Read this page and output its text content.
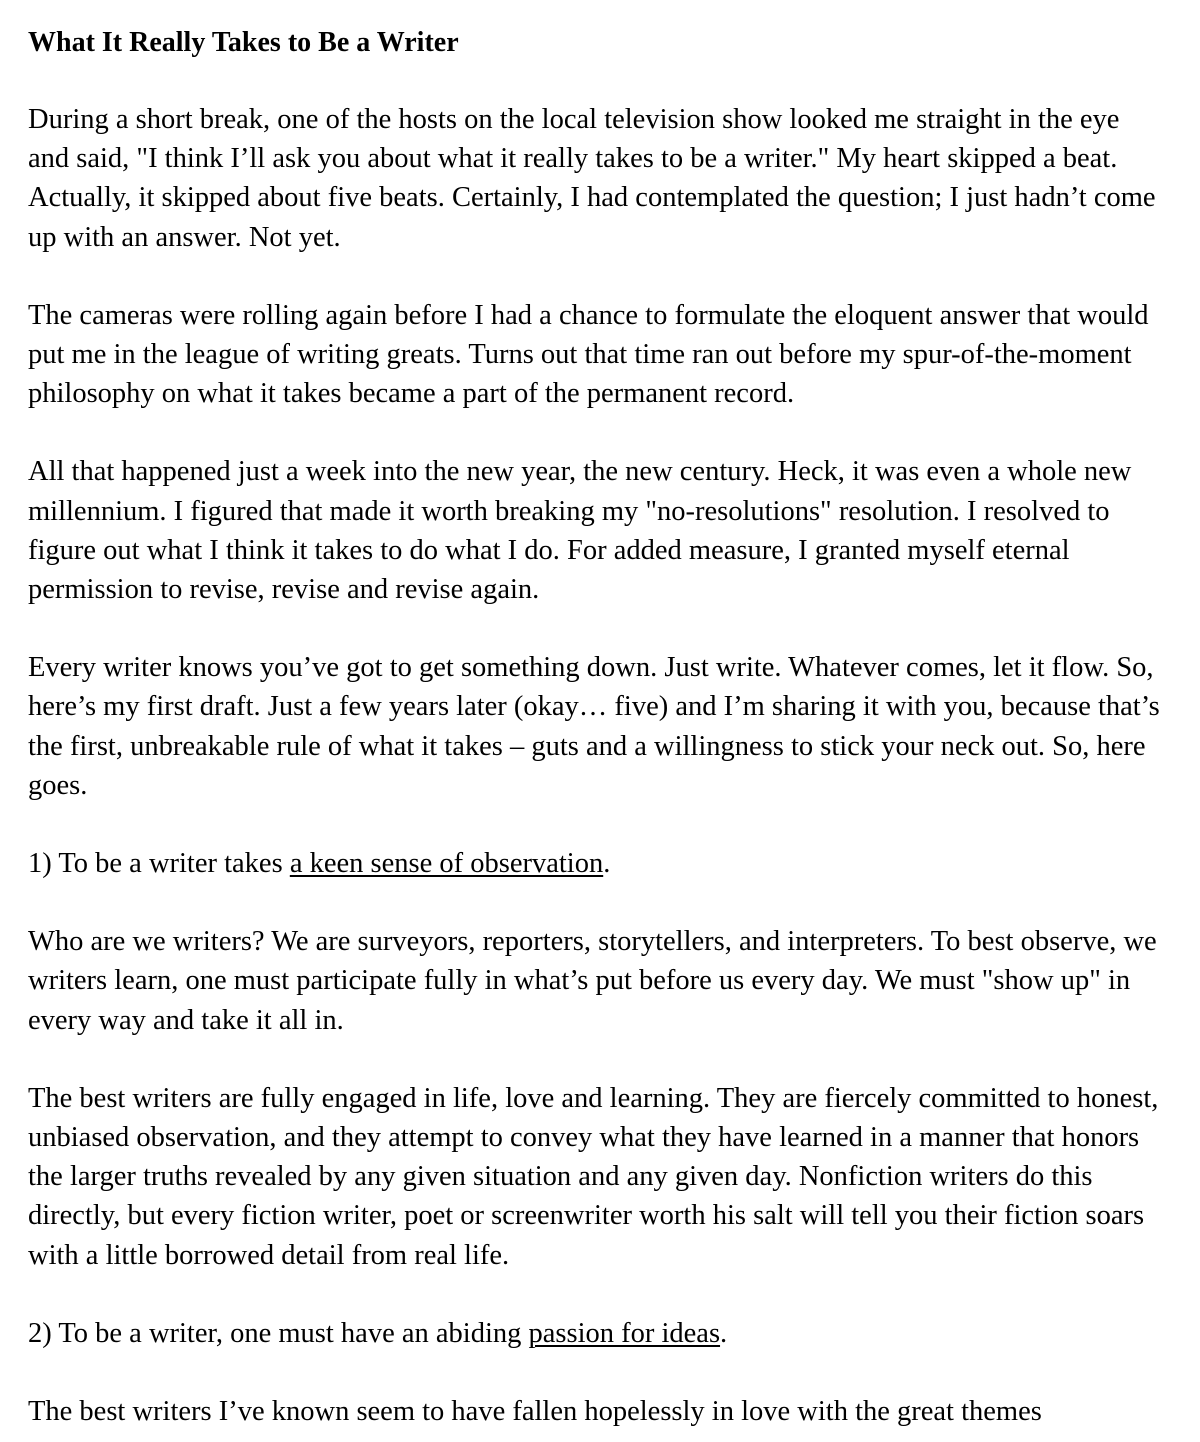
What It Really Takes to Be a Writer

During a short break, one of the hosts on the local television show looked me straight in the eye and said, "I think I’ll ask you about what it really takes to be a writer." My heart skipped a beat. Actually, it skipped about five beats. Certainly, I had contemplated the question; I just hadn’t come up with an answer. Not yet.

The cameras were rolling again before I had a chance to formulate the eloquent answer that would put me in the league of writing greats. Turns out that time ran out before my spur-of-the-moment philosophy on what it takes became a part of the permanent record.

All that happened just a week into the new year, the new century. Heck, it was even a whole new millennium. I figured that made it worth breaking my "no-resolutions" resolution. I resolved to figure out what I think it takes to do what I do. For added measure, I granted myself eternal permission to revise, revise and revise again.

Every writer knows you’ve got to get something down. Just write. Whatever comes, let it flow. So, here’s my first draft. Just a few years later (okay… five) and I’m sharing it with you, because that’s the first, unbreakable rule of what it takes – guts and a willingness to stick your neck out. So, here goes.

1) To be a writer takes a keen sense of observation.

Who are we writers? We are surveyors, reporters, storytellers, and interpreters. To best observe, we writers learn, one must participate fully in what’s put before us every day. We must "show up" in every way and take it all in.

The best writers are fully engaged in life, love and learning. They are fiercely committed to honest, unbiased observation, and they attempt to convey what they have learned in a manner that honors the larger truths revealed by any given situation and any given day. Nonfiction writers do this directly, but every fiction writer, poet or screenwriter worth his salt will tell you their fiction soars with a little borrowed detail from real life.

2) To be a writer, one must have an abiding passion for ideas.

The best writers I’ve known seem to have fallen hopelessly in love with the great themes
